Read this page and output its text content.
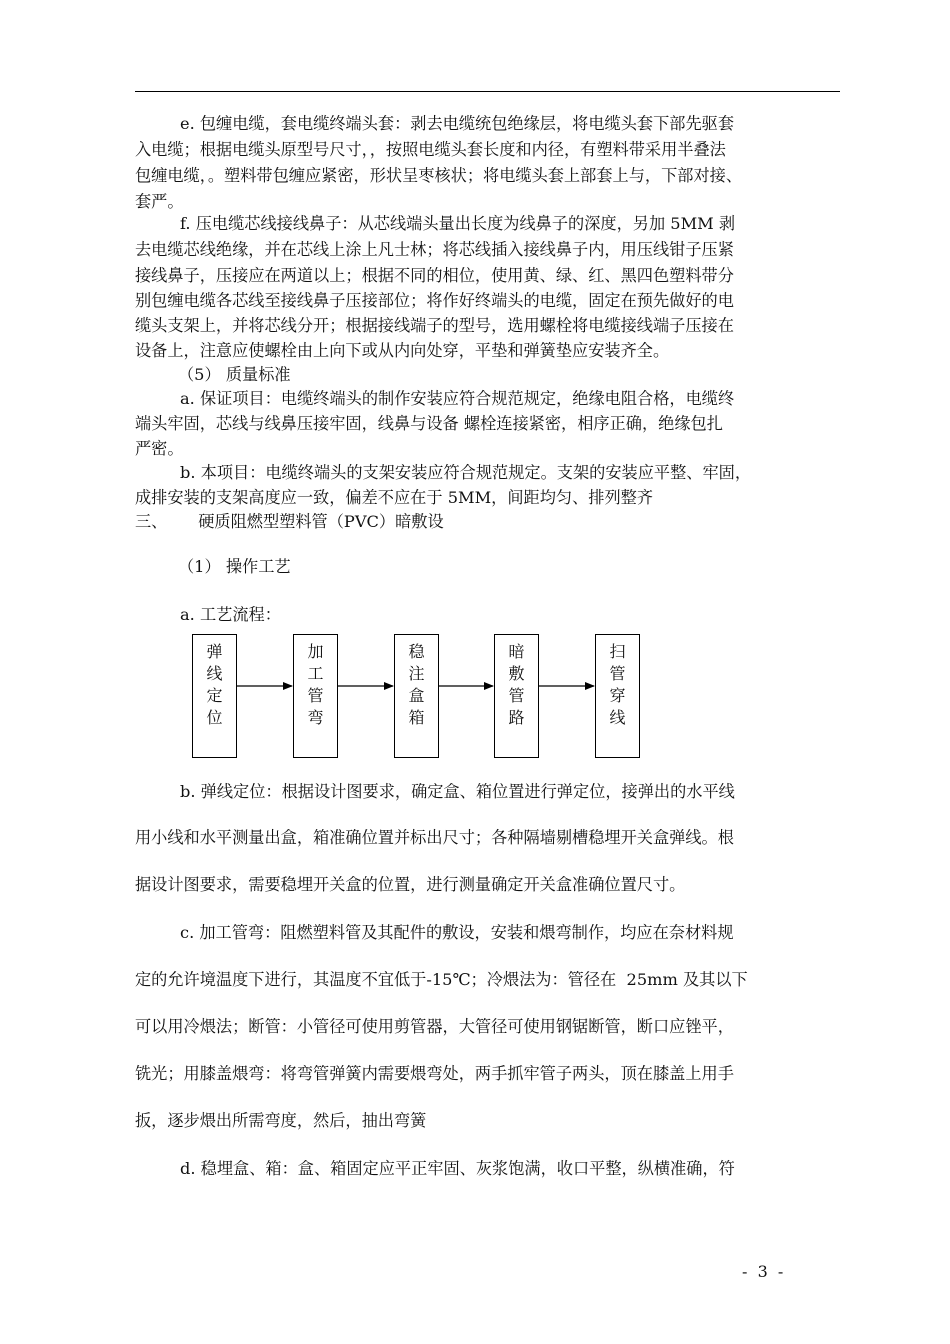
e. 包缠电缆，套电缆终端头套：剥去电缆统包绝缘层，将电缆头套下部先驱套
入电缆；根据电缆头原型号尺寸，，按照电缆头套长度和内径，有塑料带采用半叠法
包缠电缆，。塑料带包缠应紧密，形状呈枣核状；将电缆头套上部套上与，下部对接、
套严。
f. 压电缆芯线接线鼻子：从芯线端头量出长度为线鼻子的深度，另加 5MM 剥
去电缆芯线绝缘，并在芯线上涂上凡士林；将芯线插入接线鼻子内，用压线钳子压紧
接线鼻子，压接应在两道以上；根据不同的相位，使用黄、绿、红、黑四色塑料带分
别包缠电缆各芯线至接线鼻子压接部位；将作好终端头的电缆，固定在预先做好的电
缆头支架上，并将芯线分开；根据接线端子的型号，选用螺栓将电缆接线端子压接在
设备上，注意应使螺栓由上向下或从内向处穿，平垫和弹簧垫应安装齐全。
（5） 质量标准
a. 保证项目：电缆终端头的制作安装应符合规范规定，绝缘电阻合格，电缆终
端头牢固，芯线与线鼻压接牢固，线鼻与设备 螺栓连接紧密，相序正确，绝缘包扎
严密。
b. 本项目：电缆终端头的支架安装应符合规范规定。支架的安装应平整、牢固，
成排安装的支架高度应一致，偏差不应在于 5MM，间距均匀、排列整齐
三、      硬质阻燃型塑料管（PVC）暗敷设
（1） 操作工艺
a. 工艺流程：
弹线定位	加工管弯	稳注盒箱	暗敷管路	扫管穿线
b. 弹线定位：根据设计图要求，确定盒、箱位置进行弹定位，接弹出的水平线
用小线和水平测量出盒，箱准确位置并标出尺寸；各种隔墙剔槽稳埋开关盒弹线。根
据设计图要求，需要稳埋开关盒的位置，进行测量确定开关盒准确位置尺寸。
c. 加工管弯：阻燃塑料管及其配件的敷设，安装和煨弯制作，均应在奈材料规
定的允许境温度下进行，其温度不宜低于-15℃；冷煨法为：管径在  25mm 及其以下
可以用冷煨法；断管：小管径可使用剪管器，大管径可使用钢锯断管，断口应锉平，
铣光；用膝盖煨弯：将弯管弹簧内需要煨弯处，两手抓牢管子两头，顶在膝盖上用手
扳，逐步煨出所需弯度，然后，抽出弯簧
d. 稳埋盒、箱：盒、箱固定应平正牢固、灰浆饱满，收口平整，纵横准确，符
-  3  -
